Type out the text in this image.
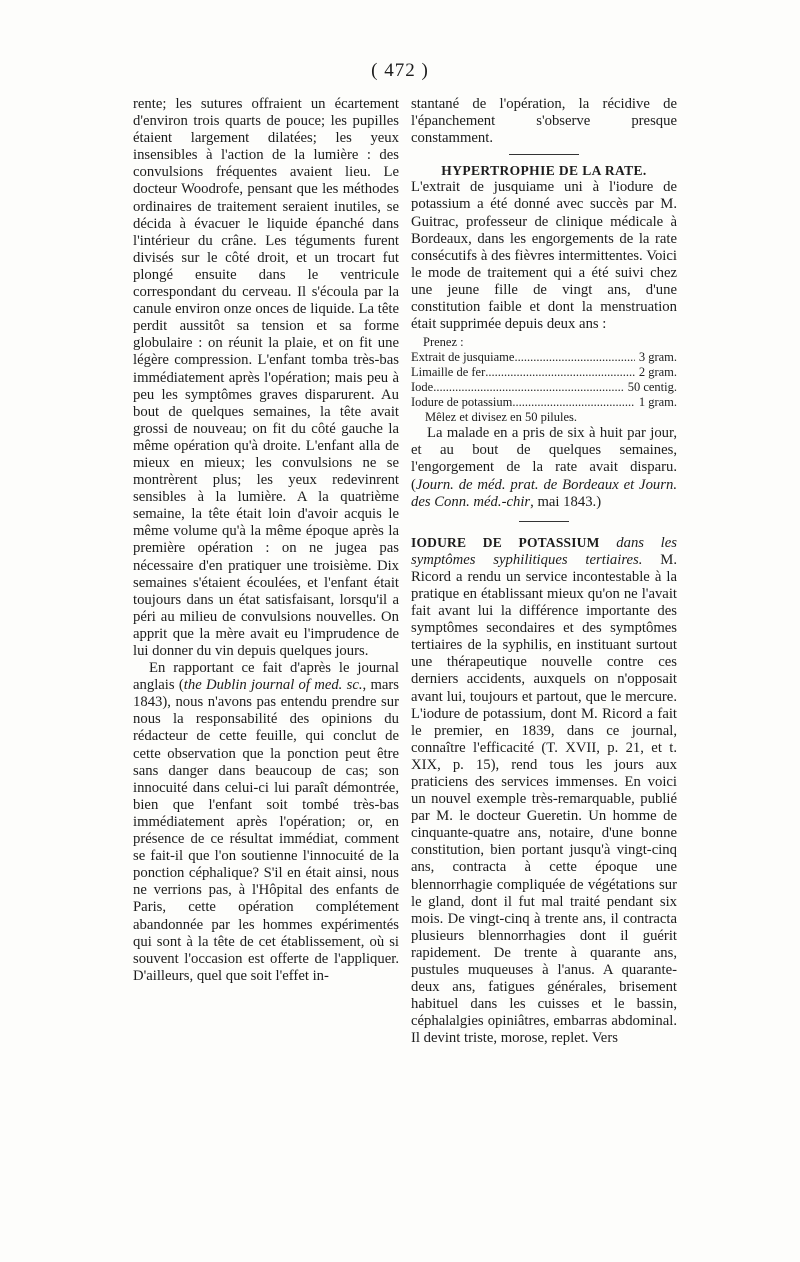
( 472 )

rente; les sutures offraient un écartement d'environ trois quarts de pouce; les pupilles étaient largement dilatées; les yeux insensibles à l'action de la lumière : des convulsions fréquentes avaient lieu. Le docteur Woodrofe, pensant que les méthodes ordinaires de traitement seraient inutiles, se décida à évacuer le liquide épanché dans l'intérieur du crâne. Les téguments furent divisés sur le côté droit, et un trocart fut plongé ensuite dans le ventricule correspondant du cerveau. Il s'écoula par la canule environ onze onces de liquide. La tête perdit aussitôt sa tension et sa forme globulaire : on réunit la plaie, et on fit une légère compression. L'enfant tomba très-bas immédiatement après l'opération; mais peu à peu les symptômes graves disparurent. Au bout de quelques semaines, la tête avait grossi de nouveau; on fit du côté gauche la même opération qu'à droite. L'enfant alla de mieux en mieux; les convulsions ne se montrèrent plus; les yeux redevinrent sensibles à la lumière. A la quatrième semaine, la tête était loin d'avoir acquis le même volume qu'à la même époque après la première opération : on ne jugea pas nécessaire d'en pratiquer une troisième. Dix semaines s'étaient écoulées, et l'enfant était toujours dans un état satisfaisant, lorsqu'il a péri au milieu de convulsions nouvelles. On apprit que la mère avait eu l'imprudence de lui donner du vin depuis quelques jours.

En rapportant ce fait d'après le journal anglais (the Dublin journal of med. sc., mars 1843), nous n'avons pas entendu prendre sur nous la responsabilité des opinions du rédacteur de cette feuille, qui conclut de cette observation que la ponction peut être sans danger dans beaucoup de cas; son innocuité dans celui-ci lui paraît démontrée, bien que l'enfant soit tombé très-bas immédiatement après l'opération; or, en présence de ce résultat immédiat, comment se fait-il que l'on soutienne l'innocuité de la ponction céphalique? S'il en était ainsi, nous ne verrions pas, à l'Hôpital des enfants de Paris, cette opération complétement abandonnée par les hommes expérimentés qui sont à la tête de cet établissement, où si souvent l'occasion est offerte de l'appliquer. D'ailleurs, quel que soit l'effet in-

stantané de l'opération, la récidive de l'épanchement s'observe presque constamment.

HYPERTROPHIE DE LA RATE.

L'extrait de jusquiame uni à l'iodure de potassium a été donné avec succès par M. Guitrac, professeur de clinique médicale à Bordeaux, dans les engorgements de la rate consécutifs à des fièvres intermittentes. Voici le mode de traitement qui a été suivi chez une jeune fille de vingt ans, d'une constitution faible et dont la menstruation était supprimée depuis deux ans :

Prenez :
Extrait de jusquiame .....	3 gram.
Limaille de fer .....	2 gram.
Iode .....	50 centig.
Iodure de potassium .....	1 gram.
Mêlez et divisez en 50 pilules.

La malade en a pris de six à huit par jour, et au bout de quelques semaines, l'engorgement de la rate avait disparu. (Journ. de méd. prat. de Bordeaux et Journ. des Conn. méd.-chir, mai 1843.)

IODURE DE POTASSIUM dans les symptômes syphilitiques tertiaires. M. Ricord a rendu un service incontestable à la pratique en établissant mieux qu'on ne l'avait fait avant lui la différence importante des symptômes secondaires et des symptômes tertiaires de la syphilis, en instituant surtout une thérapeutique nouvelle contre ces derniers accidents, auxquels on n'opposait avant lui, toujours et partout, que le mercure. L'iodure de potassium, dont M. Ricord a fait le premier, en 1839, dans ce journal, connaître l'efficacité (T. XVII, p. 21, et t. XIX, p. 15), rend tous les jours aux praticiens des services immenses. En voici un nouvel exemple très-remarquable, publié par M. le docteur Gueretin. Un homme de cinquante-quatre ans, notaire, d'une bonne constitution, bien portant jusqu'à vingt-cinq ans, contracta à cette époque une blennorrhagie compliquée de végétations sur le gland, dont il fut mal traité pendant six mois. De vingt-cinq à trente ans, il contracta plusieurs blennorrhagies dont il guérit rapidement. De trente à quarante ans, pustules muqueuses à l'anus. A quarante-deux ans, fatigues générales, brisement habituel dans les cuisses et le bassin, céphalalgies opiniâtres, embarras abdominal. Il devint triste, morose, replet. Vers
